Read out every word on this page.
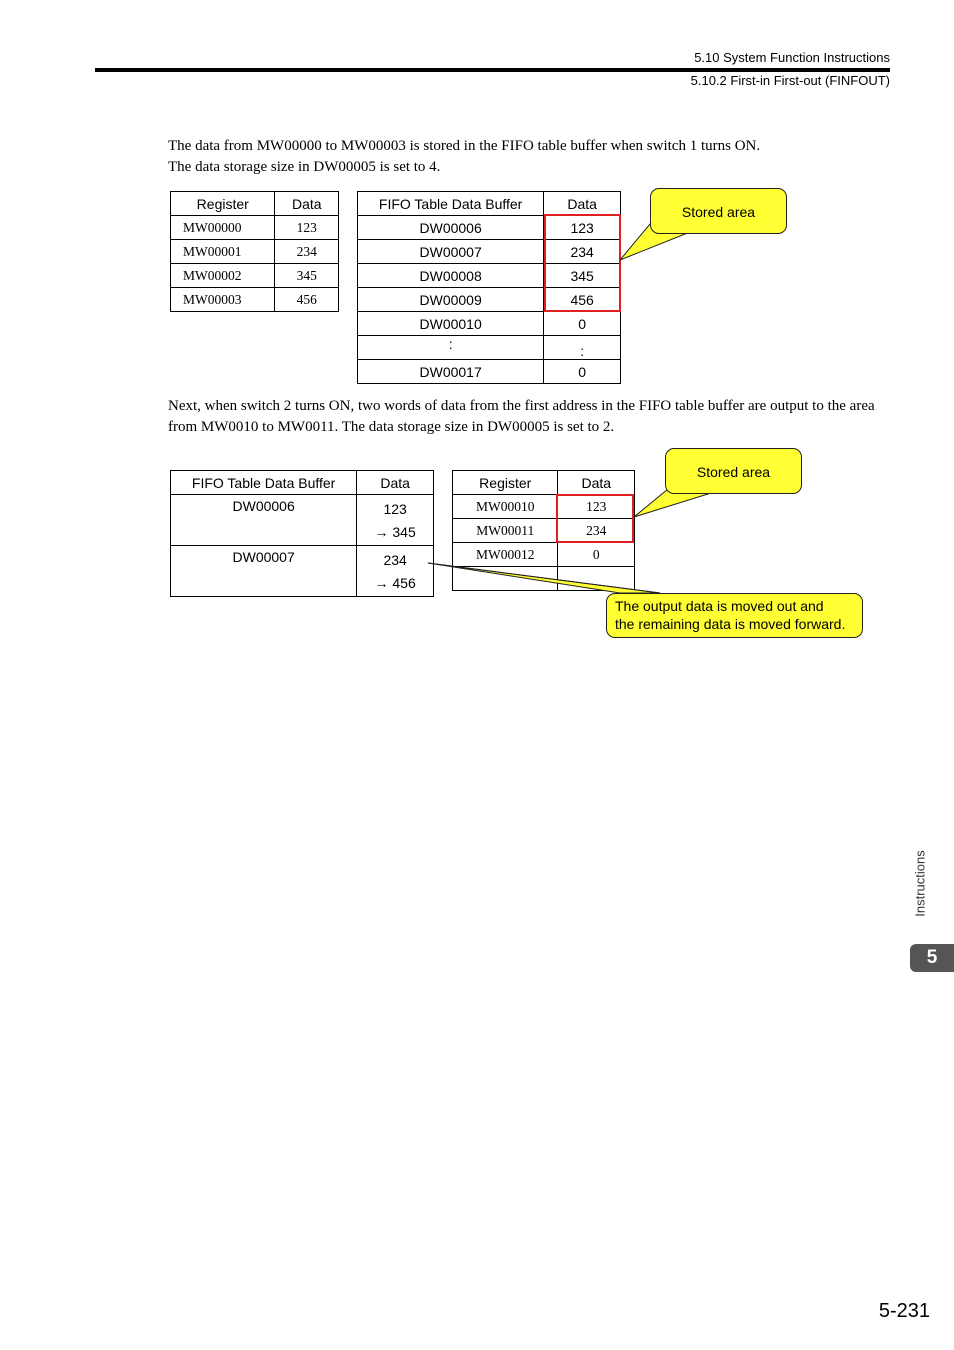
5.10 System Function Instructions
5.10.2 First-in First-out (FINFOUT)
The data from MW00000 to MW00003 is stored in the FIFO table buffer when switch 1 turns ON.
The data storage size in DW00005 is set to 4.
Register	Data
MW00000	123
MW00001	234
MW00002	345
MW00003	456
FIFO Table Data Buffer	Data
DW00006	123
DW00007	234
DW00008	345
DW00009	456
DW00010	0
:	:
DW00017	0
Stored area
Next, when switch 2 turns ON, two words of data from the first address in the FIFO table buffer are output to the area
from MW0010 to MW0011. The data storage size in DW00005 is set to 2.
FIFO Table Data Buffer	Data
DW00006	123
→ 345

DW00007	234
→ 456
Register	Data
MW00010	123
MW00011	234
MW00012	0

Stored area
The output data is moved out and
the remaining data is moved forward.
Instructions
5
5-231
